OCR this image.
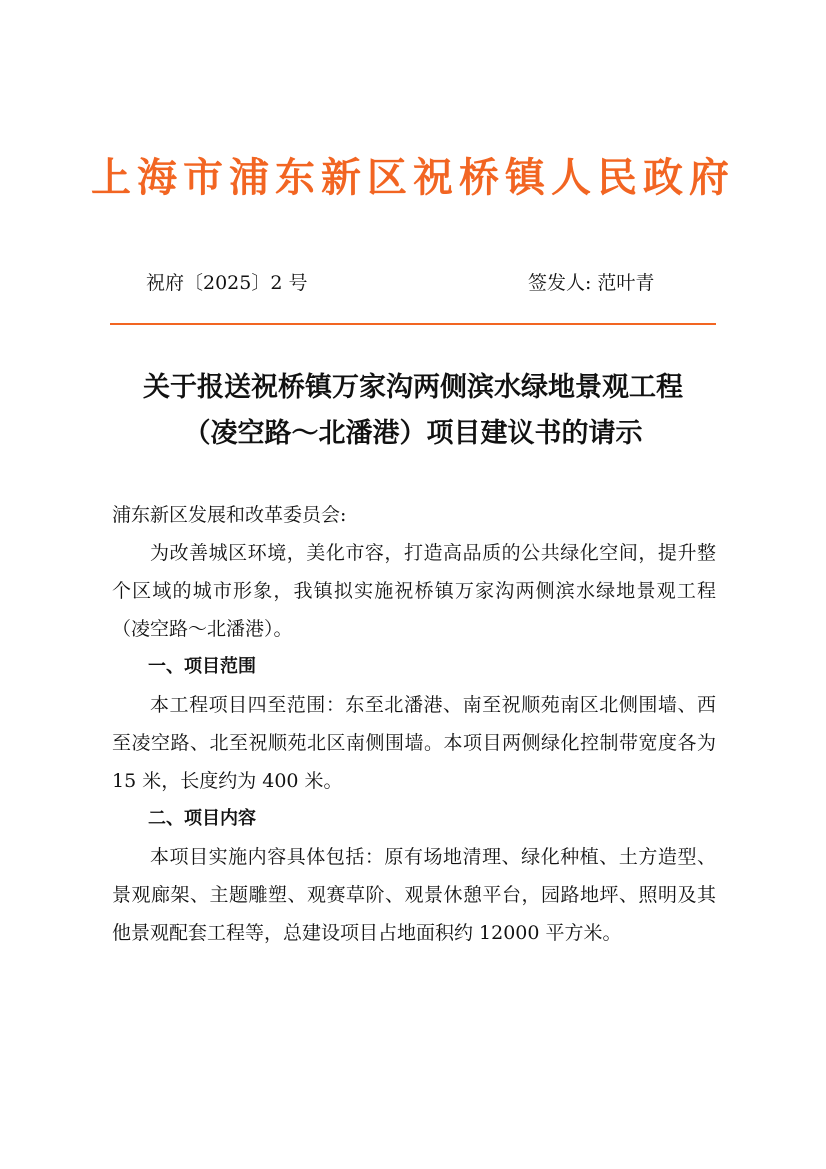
上海市浦东新区祝桥镇人民政府
祝府〔2025〕2 号	签发人: 范叶青
关于报送祝桥镇万家沟两侧滨水绿地景观工程
（凌空路～北潘港）项目建议书的请示

浦东新区发展和改革委员会:

为改善城区环境，美化市容，打造高品质的公共绿化空间，提升整个区域的城市形象，我镇拟实施祝桥镇万家沟两侧滨水绿地景观工程（凌空路～北潘港）。

一、项目范围

本工程项目四至范围：东至北潘港、南至祝顺苑南区北侧围墙、西至凌空路、北至祝顺苑北区南侧围墙。本项目两侧绿化控制带宽度各为 15 米，长度约为 400 米。

二、项目内容

本项目实施内容具体包括：原有场地清理、绿化种植、土方造型、景观廊架、主题雕塑、观赛草阶、观景休憩平台，园路地坪、照明及其他景观配套工程等，总建设项目占地面积约 12000 平方米。
